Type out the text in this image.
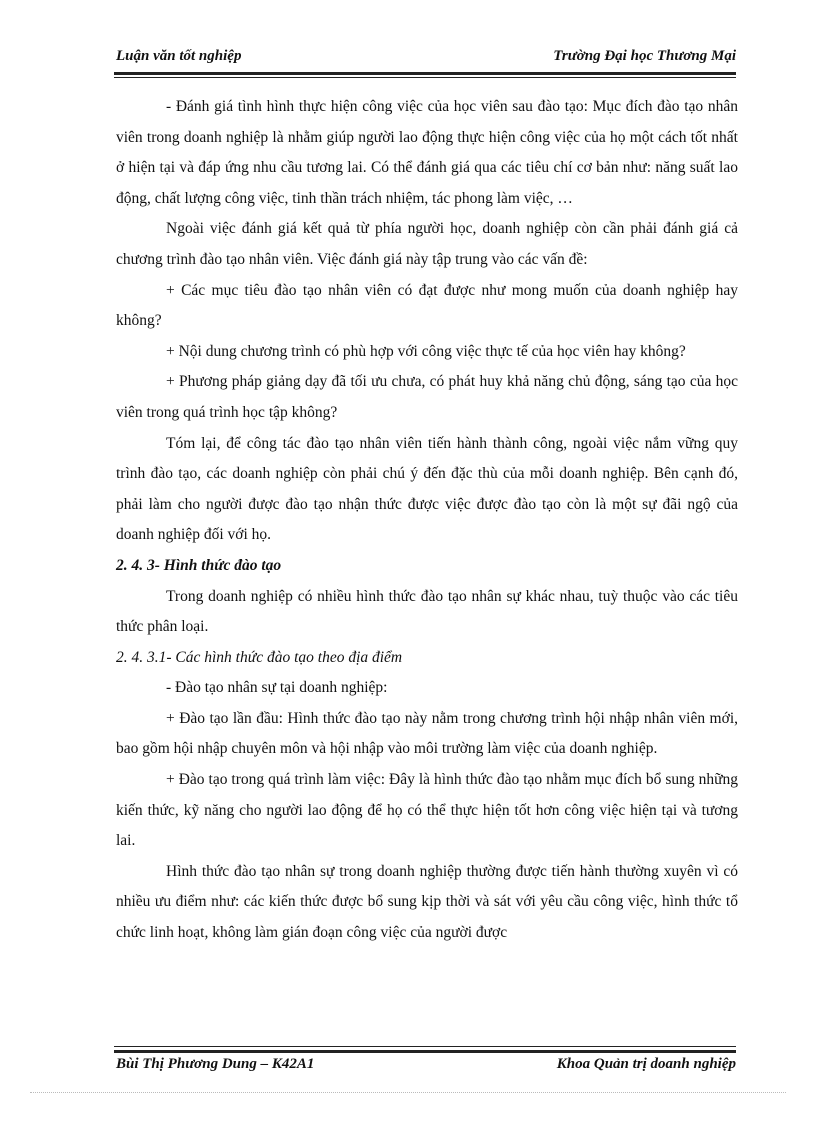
Luận văn tốt nghiệp	Trường Đại học Thương Mại

- Đánh giá tình hình thực hiện công việc của học viên sau đào tạo: Mục đích đào tạo nhân viên trong doanh nghiệp là nhằm giúp người lao động thực hiện công việc của họ một cách tốt nhất ở hiện tại và đáp ứng nhu cầu tương lai. Có thể đánh giá qua các tiêu chí cơ bản như: năng suất lao động, chất lượng công việc, tinh thần trách nhiệm, tác phong làm việc, …

Ngoài việc đánh giá kết quả từ phía người học, doanh nghiệp còn cần phải đánh giá cả chương trình đào tạo nhân viên. Việc đánh giá này tập trung vào các vấn đề:

+ Các mục tiêu đào tạo nhân viên có đạt được như mong muốn của doanh nghiệp hay không?

+ Nội dung chương trình có phù hợp với công việc thực tế của học viên hay không?

+ Phương pháp giảng dạy đã tối ưu chưa, có phát huy khả năng chủ động, sáng tạo của học viên trong quá trình học tập không?

Tóm lại, để công tác đào tạo nhân viên tiến hành thành công, ngoài việc nắm vững quy trình đào tạo, các doanh nghiệp còn phải chú ý đến đặc thù của mỗi doanh nghiệp. Bên cạnh đó, phải làm cho người được đào tạo nhận thức được việc được đào tạo còn là một sự đãi ngộ của doanh nghiệp đối với họ.

2. 4. 3- Hình thức đào tạo

Trong doanh nghiệp có nhiều hình thức đào tạo nhân sự khác nhau, tuỳ thuộc vào các tiêu thức phân loại.

2. 4. 3.1- Các hình thức đào tạo theo địa điểm

- Đào tạo nhân sự tại doanh nghiệp:

+ Đào tạo lần đầu: Hình thức đào tạo này nằm trong chương trình hội nhập nhân viên mới, bao gồm hội nhập chuyên môn và hội nhập vào môi trường làm việc của doanh nghiệp.

+ Đào tạo trong quá trình làm việc: Đây là hình thức đào tạo nhằm mục đích bổ sung những kiến thức, kỹ năng cho người lao động để họ có thể thực hiện tốt hơn công việc hiện tại và tương lai.

Hình thức đào tạo nhân sự trong doanh nghiệp thường được tiến hành thường xuyên vì có nhiều ưu điểm như: các kiến thức được bổ sung kịp thời và sát với yêu cầu công việc, hình thức tổ chức linh hoạt, không làm gián đoạn công việc của người được

Bùi Thị Phương Dung – K42A1	Khoa Quản trị doanh nghiệp
